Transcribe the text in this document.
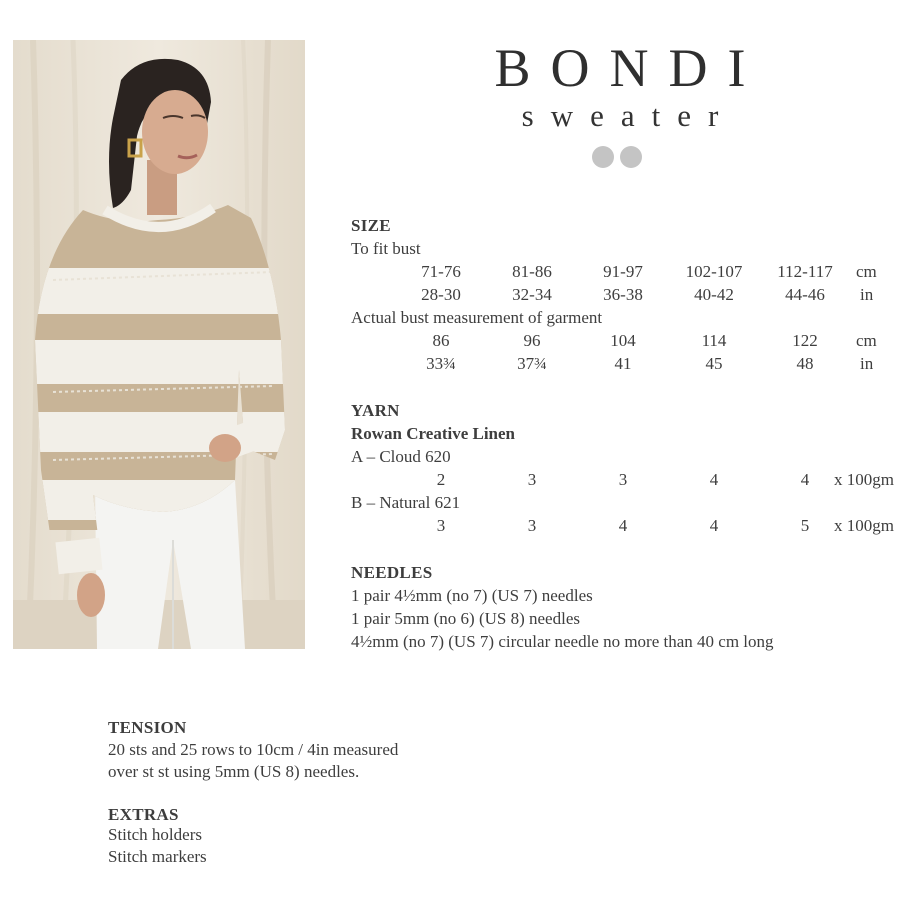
BONDI
sweater
SIZE
To fit bust
71-76	81-86	91-97	102-107	112-117	cm
28-30	32-34	36-38	40-42	44-46	in
Actual bust measurement of garment
86	96	104	114	122	cm
33¾	37¾	41	45	48	in
YARN
Rowan Creative Linen
A – Cloud 620
2	3	3	4	4	x 100gm
B – Natural 621
3	3	4	4	5	x 100gm
NEEDLES
1 pair 4½mm (no 7) (US 7) needles
1 pair 5mm (no 6) (US 8) needles
4½mm (no 7) (US 7) circular needle no more than 40 cm long
TENSION
20 sts and 25 rows to 10cm / 4in measured
over st st using 5mm (US 8) needles.
EXTRAS
Stitch holders
Stitch markers
